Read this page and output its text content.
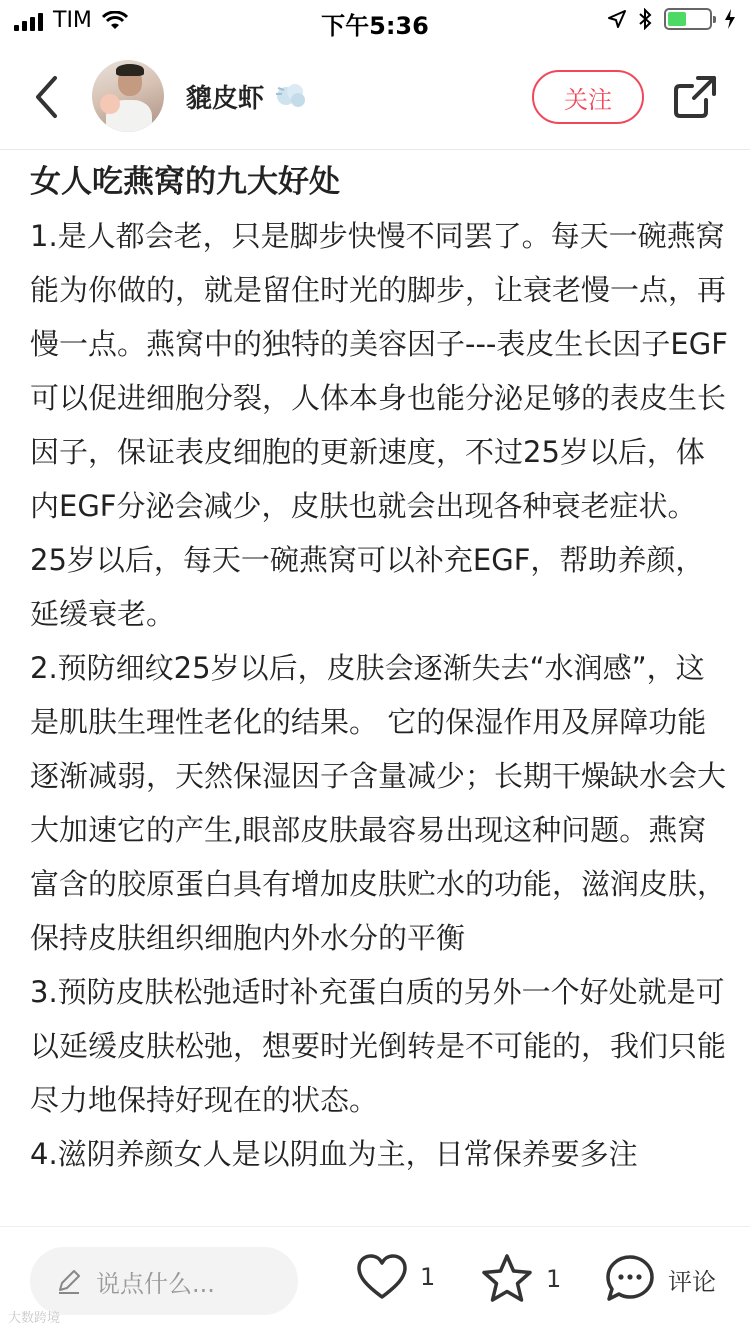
TIM	下午5:36
貔皮虾	关注
女人吃燕窝的九大好处

1.是人都会老，只是脚步快慢不同罢了。每天一碗燕窝能为你做的，就是留住时光的脚步，让衰老慢一点，再慢一点。燕窝中的独特的美容因子---表皮生长因子EGF可以促进细胞分裂，人体本身也能分泌足够的表皮生长因子，保证表皮细胞的更新速度，不过25岁以后，体内EGF分泌会减少，皮肤也就会出现各种衰老症状。25岁以后，每天一碗燕窝可以补充EGF，帮助养颜，延缓衰老。

2.预防细纹25岁以后，皮肤会逐渐失去“水润感”，这是肌肤生理性老化的结果。 它的保湿作用及屏障功能逐渐减弱，天然保湿因子含量减少；长期干燥缺水会大大加速它的产生,眼部皮肤最容易出现这种问题。燕窝富含的胶原蛋白具有增加皮肤贮水的功能，滋润皮肤，保持皮肤组织细胞内外水分的平衡

3.预防皮肤松弛适时补充蛋白质的另外一个好处就是可以延缓皮肤松弛，想要时光倒转是不可能的，我们只能尽力地保持好现在的状态。

4.滋阴养颜女人是以阴血为主，日常保养要多注

说点什么...	1	1	评论
大数跨境
